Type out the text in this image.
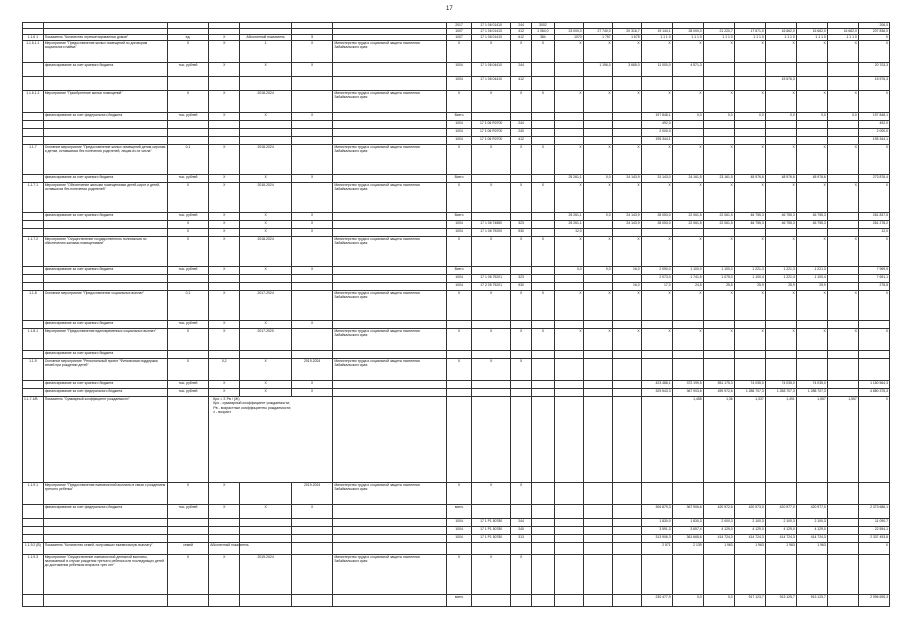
17
							2017	17 1 06 01410	244	3002											206,0
							1007	17 1 06 01410	412	1 064,0	23 000,0	27 740,0	20 316,7	19 144,1	28 000,0	21 220,7	17 671,0	16 662,0	16 662,0	16 662,0	207 836,0
1.1.6 1	Показатель "Количество отремонтированных домов"	ед.	X	Абсолютный показатель	5		1007	17 1 06 01410	612	384	1070	1 757	1 675	1 1 1 0	1 1 1 0	1 1 1 0	1 1 1 0	1 1 1 0	1 1 1 0	1 1 1 0	X
1.1.6.1.1	Мероприятие "Предоставление жилых помещений по договорам социального найма"	X	X	1	X	Министерство труда и социальной защиты населения Забайкальского края	X	X	X	X	X	X	X	X	X	X	X	X	X	X	X
	финансирование за счет краевого бюджета	тыс. рублей	X	X	X		1004	17 1 06 04410	244			1 196,0	3 665,0	11 000,0	4 571,3						20 703,3
							1004	17 1 06 04410	412									15 576,3			15 576,3
1.1.6.1.2	Мероприятие "Приобретение жилых помещений"	X	X	2018-2024		Министерство труда и социальной защиты населения Забайкальского края	X	X	X	X	X	X	X	X	X	X	X	X	X	X	X
	финансирование за счет федерального бюджета	тыс. рублей	X	X	X		Всего							197 848,1	0,0	0,0	0,0	0,0	0,0	0,0	197 848,1
							1004	17 1 06 R0700	244					492,0							492,0
							1004	17 1 06 R0700	240					2 000,0							2 000,0
							1004	17 1 06 R0700	412					195 344,1							195 344,1
1.1.7	Основное мероприятие "Предоставление жилых помещений детям-сиротам и детям, оставшимся без попечения родителей, лицам из их числа"	0,1	X	2018-2024		Министерство труда и социальной защиты населения Забайкальского края	X	X	X	X	X	X	X	X	X	X	X	X	X	X	X
	финансирование за счет краевого бюджета	тыс. рублей	X	X	X		Всего				25 261,1	0,0	24 143,9	31 143,0	24 161,5	23 161,5	48 976,6	48 976,6	48 976,6		273 876,4
1.1.7.1	Мероприятие "Обеспечение жилыми помещениями детей-сирот и детей, оставшихся без попечения родителей"	X	X	2018-2024		Министерство труда и социальной защиты населения Забайкальского края	X	X	X	X	X	X	X	X	X	X	X	X	X	X	X
	финансирование за счет краевого бюджета	тыс. рублей	X	X	X		Всего				25 261,1	0,0	24 143,9	28 053,0	22 061,5	22 061,5	46 755,3	46 755,3	46 755,3		261 837,5
		X	X	X	X		1004	17 1 06 74580	323		25 261,1		24 143,9	28 053,0	22 061,5	22 061,5	46 755,3	46 755,3	46 755,3		261 278,2
		X	X	X	X		1004	17 1 06 79200	530		12,0										12,0
1.1.7.2	Мероприятие "Осуществление государственного полномочия по обеспечению жилыми помещениями"	X	X	2018-2024		Министерство труда и социальной защиты населения Забайкальского края	X	X	X	X	X	X	X	X	X	X	X	X	X	X	X
	финансирование за счет краевого бюджета	тыс. рублей	X	X	X		Всего				0,0	0,0	16,0	2 090,0	1 100,0	1 100,0	1 221,3	1 221,3	1 221,3		7 969,9
							1004	17 1 06 79201	323					2 073,0	1 741,5	1 075,0	1 100,4	1 221,4	1 100,4		7 691,1
							1004	17 2 05 79201	530				16,0	17,0	24,5	25,5	25,9	25,9	25,9		278,8
1.1.8	Основное мероприятие "Предоставление социальных выплат"	0,1	X	2017-2024		Министерство труда и социальной защиты населения Забайкальского края	X	X	X	X	X	X	X	X	X	X	X	X	X	X	X
	финансирование за счет краевого бюджета	тыс. рублей	X	X	X																
1.1.8.1	Мероприятие "Предоставление единовременных социальных выплат"	X	X	2017-2020		Министерство труда и социальной защиты населения Забайкальского края	X	X	X	X	X	X	X	X	X	X	X	X	X	X	X
	финансирование за счет краевого бюджета																				
1.1.9	Основное мероприятие "Региональный проект "Финансовая поддержка семей при рождении детей"	X	0,2	X	2019-2024	Министерство труда и социальной защиты населения Забайкальского края	X	X	X												
	финансирование за счет краевого бюджета	тыс. рублей	X	X	X									423 488,1	372 199,5	551 175,3	74 035,0	74 035,0	74 035,0		1 180 564,3
	финансирование за счет федерального бюджета	тыс. рублей	X	X	X									329 543,3	367 903,6	459 972,6	1 288 707,3	1 288 707,3	1 288 707,3		4 880 375,3
1.1.7.1/В	Показатель "Суммарный коэффициент рождаемости"		Кро = Σ Рв / (Ж)
Кро - суммарный коэффициент рождаемости;
Рв - возрастные коэффициенты рождаемости;
x - возраст												1,458	1,36	1,337	1,491	1,557	1,557	X
1.1.9.1	Мероприятие "Предоставление ежемесячной выплаты в связи с рождением третьего ребенка"	X	X		2019-2024	Министерство труда и социальной защиты населения Забайкальского края	X	X	X												
	финансирование за счет федерального бюджета	тыс. рублей	X	X	X		всего							306 879,3	367 906,6	420 972,6	420 973,0	420 977,0	420 977,0		2 373 686,1
							1004	17 1 P1 50780	244					1 830,0	1 830,3	2 000,3	2 100,3	2 100,3	2 100,3		11 090,7
							1004	17 1 P1 50780	240					3 591,3	3 697,4	4 129,0	4 129,0	4 129,0	4 129,0		22 554,1
							1004	17 1 P1 50780	313					313 906,3	361 665,6	414 724,3	414 724,3	414 724,3	414 724,3		2 337 493,8
1.1.9.2 (В)	Показатель "Количество семей, получивших ежемесячную выплату"	семей	Абсолютный показатель											2 571	2 139	1 963	1 963	1 963	1 963		X
1.1.9.3	Мероприятие "Осуществление ежемесячной денежной выплаты, назначаемой в случае рождения третьего ребенка или последующих детей до достижения ребенком возраста трех лет"	X	X	2019-2024		Министерство труда и социальной защиты населения Забайкальского края	X	X	X												
							всего							230 477,9	0,0	0,0	917 123,7	913 125,7	913 125,7		2 996 695,3
